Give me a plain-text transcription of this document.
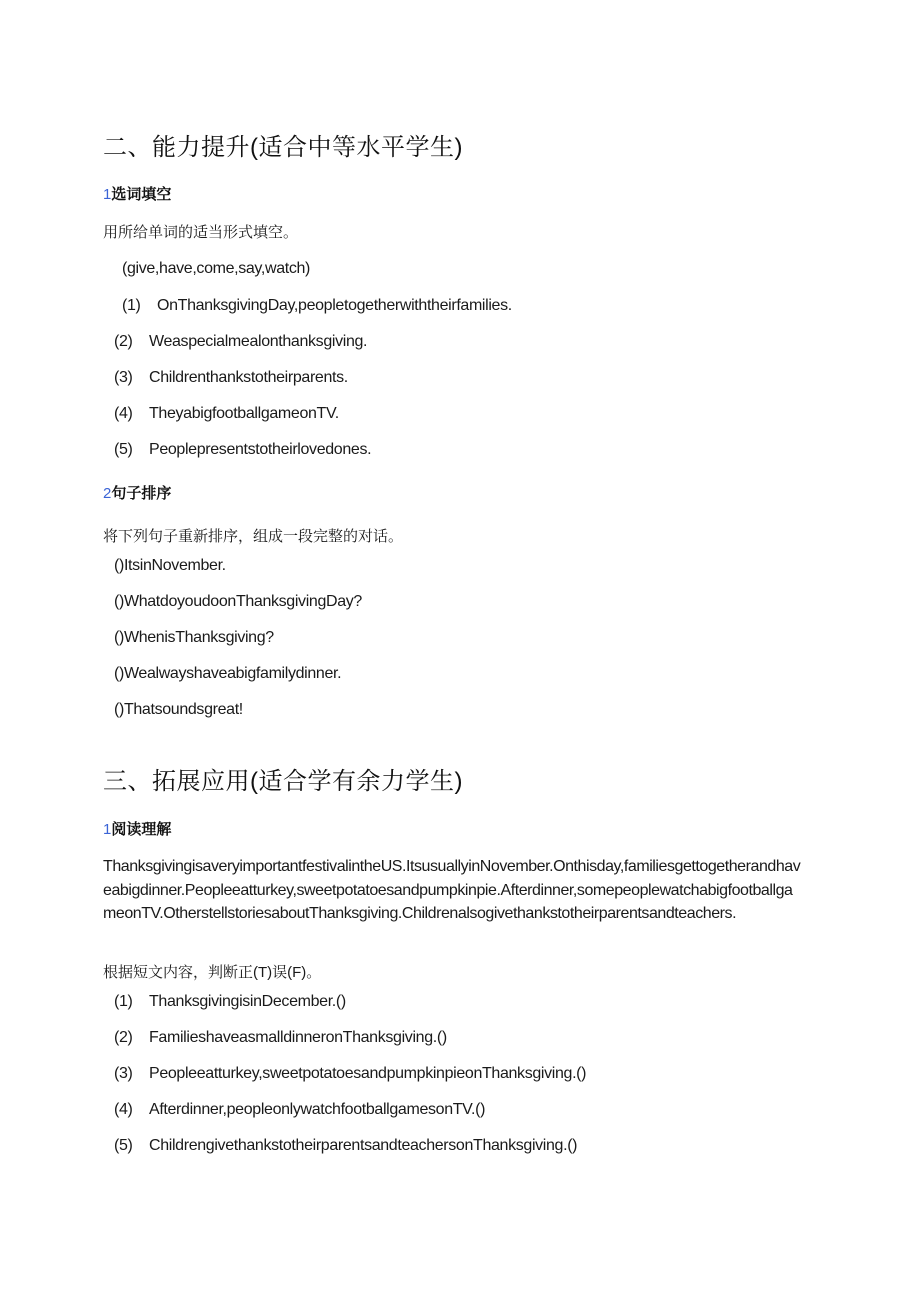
二、能力提升(适合中等水平学生)
1选词填空
用所给单词的适当形式填空。
(give,have,come,say,watch)
(1) OnThanksgivingDay,peopletogetherwiththeirfamilies.
(2) Weaspecialmealonthanksgiving.
(3) Childrenthankstotheirparents.
(4) TheyabigfootballgameonTV.
(5) Peoplepresentstotheirlovedones.
2句子排序
将下列句子重新排序，组成一段完整的对话。
()ItsinNovember.
()WhatdoyoudoonThanksgivingDay?
()WhenisThanksgiving?
()Wealwayshaveabigfamilydinner.
()Thatsoundsgreat!
三、拓展应用(适合学有余力学生)
1阅读理解
ThanksgivingisaveryimportantfestivalintheUS.ItsusuallyinNovember.Onthisday,familiesgettogetherandhaveabigdinner.Peopleeatturkey,sweetpotatoesandpumpkinpie.Afterdinner,somepeoplewatchabigfootballgameonTV.OtherstellstoriesaboutThanksgiving.Childrenalsogivethankstotheirparentsandteachers.
根据短文内容，判断正(T)误(F)。
(1) ThanksgivingisinDecember.()
(2) FamilieshaveasmalldinneronThanksgiving.()
(3) Peopleeatturkey,sweetpotatoesandpumpkinpieonThanksgiving.()
(4) Afterdinner,peopleonlywatchfootballgamesonTV.()
(5) ChildrengivethankstotheirparentsandteachersonThanksgiving.()
